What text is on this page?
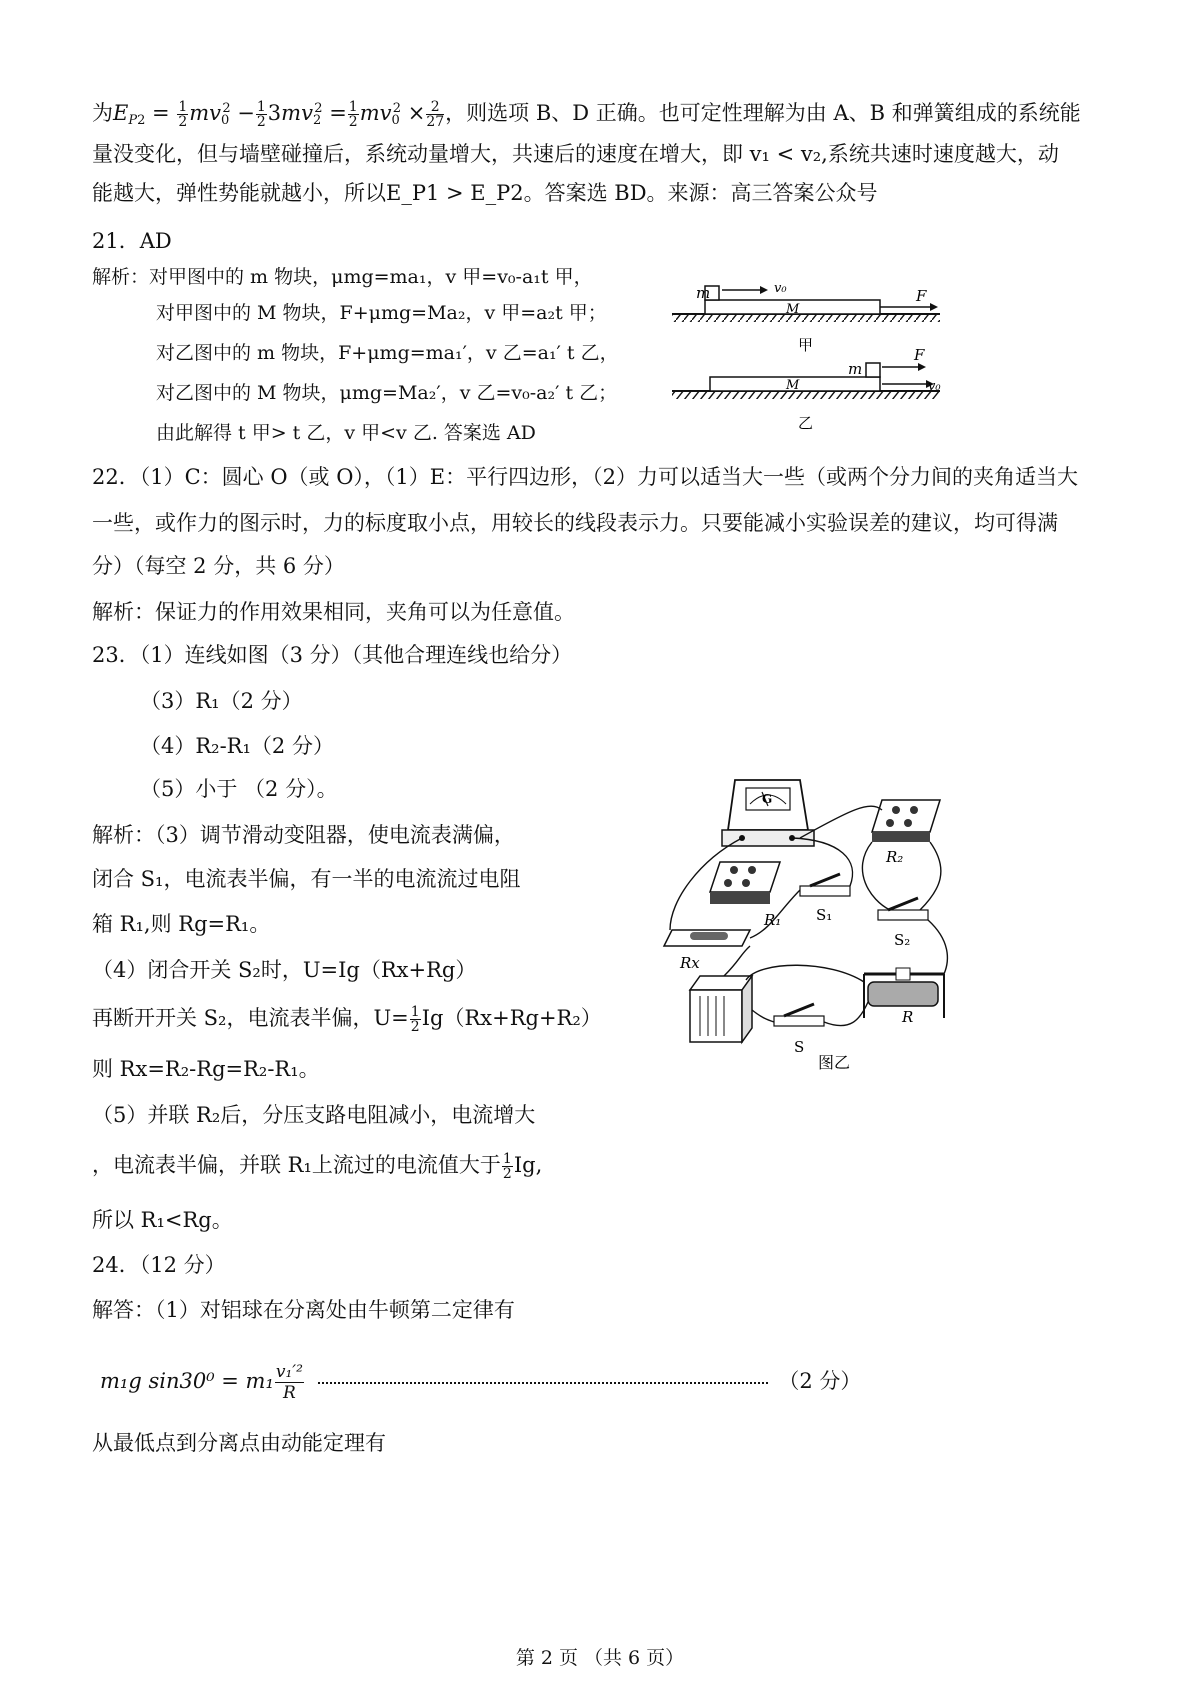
为$E_{P2} = \frac{1}{2} mv_0^2 - \frac{1}{2} 3mv_2^2 = \frac{1}{2} mv_0^2 \times \frac{2}{27}$ ，则选项 B、D 正确。也可定性理解为由 A、B 和弹簧组成的系统能
量没变化，但与墙壁碰撞后，系统动量增大，共速后的速度在增大，即 v₁ < v₂,系统共速时速度越大，动
能越大，弹性势能就越小，所以E_P1 > E_P2。答案选 BD。来源：高三答案公众号
21．AD
解析：对甲图中的 m 物块，μmg=ma₁，v 甲=v₀-a₁t 甲，
对甲图中的 M 物块，F+μmg=Ma₂，v 甲=a₂t 甲；
对乙图中的 m 物块，F+μmg=ma₁′，v 乙=a₁′ t 乙，
对乙图中的 M 物块，μmg=Ma₂′，v 乙=v₀-a₂′ t 乙；
由此解得 t 甲> t 乙，v 甲<v 乙. 答案选 AD
m	v₀
M
F
甲
m
F
v₀
M
乙
22．（1）C：圆心 O（或 O），（1）E：平行四边形，（2）力可以适当大一些（或两个分力间的夹角适当大
一些，或作力的图示时，力的标度取小点，用较长的线段表示力。只要能减小实验误差的建议，均可得满
分）（每空 2 分，共 6 分）
解析：保证力的作用效果相同，夹角可以为任意值。
23．（1）连线如图（3 分）（其他合理连线也给分）
（3）R₁（2 分）
（4）R₂-R₁（2 分）
（5）小于 （2 分）。
解析：（3）调节滑动变阻器，使电流表满偏，
闭合 S₁，电流表半偏，有一半的电流流过电阻
箱 R₁,则 Rg=R₁。
（4）闭合开关 S₂时，U=Ig（Rx+Rg）
再断开开关 S₂，电流表半偏，$U= \frac{1}{2} Ig(Rx+Rg+R_2)$
则 Rx=R₂-Rg=R₂-R₁。
（5）并联 R₂后，分压支路电阻减小，电流增大
，电流表半偏，并联 R₁上流过的电流值大于 $\frac{1}{2} Ig$,
所以 R₁<Rg。
G
R₂
R₁ S₁
S₂
Rx
S
R
图乙
24．（12 分）
解答：（1）对铝球在分离处由牛顿第二定律有
m₁g $\sin 30^0 = m_1 \frac{\text{v₁′²}}{R}$	（2 分）
从最低点到分离点由动能定理有
第 2 页 （共 6 页）
